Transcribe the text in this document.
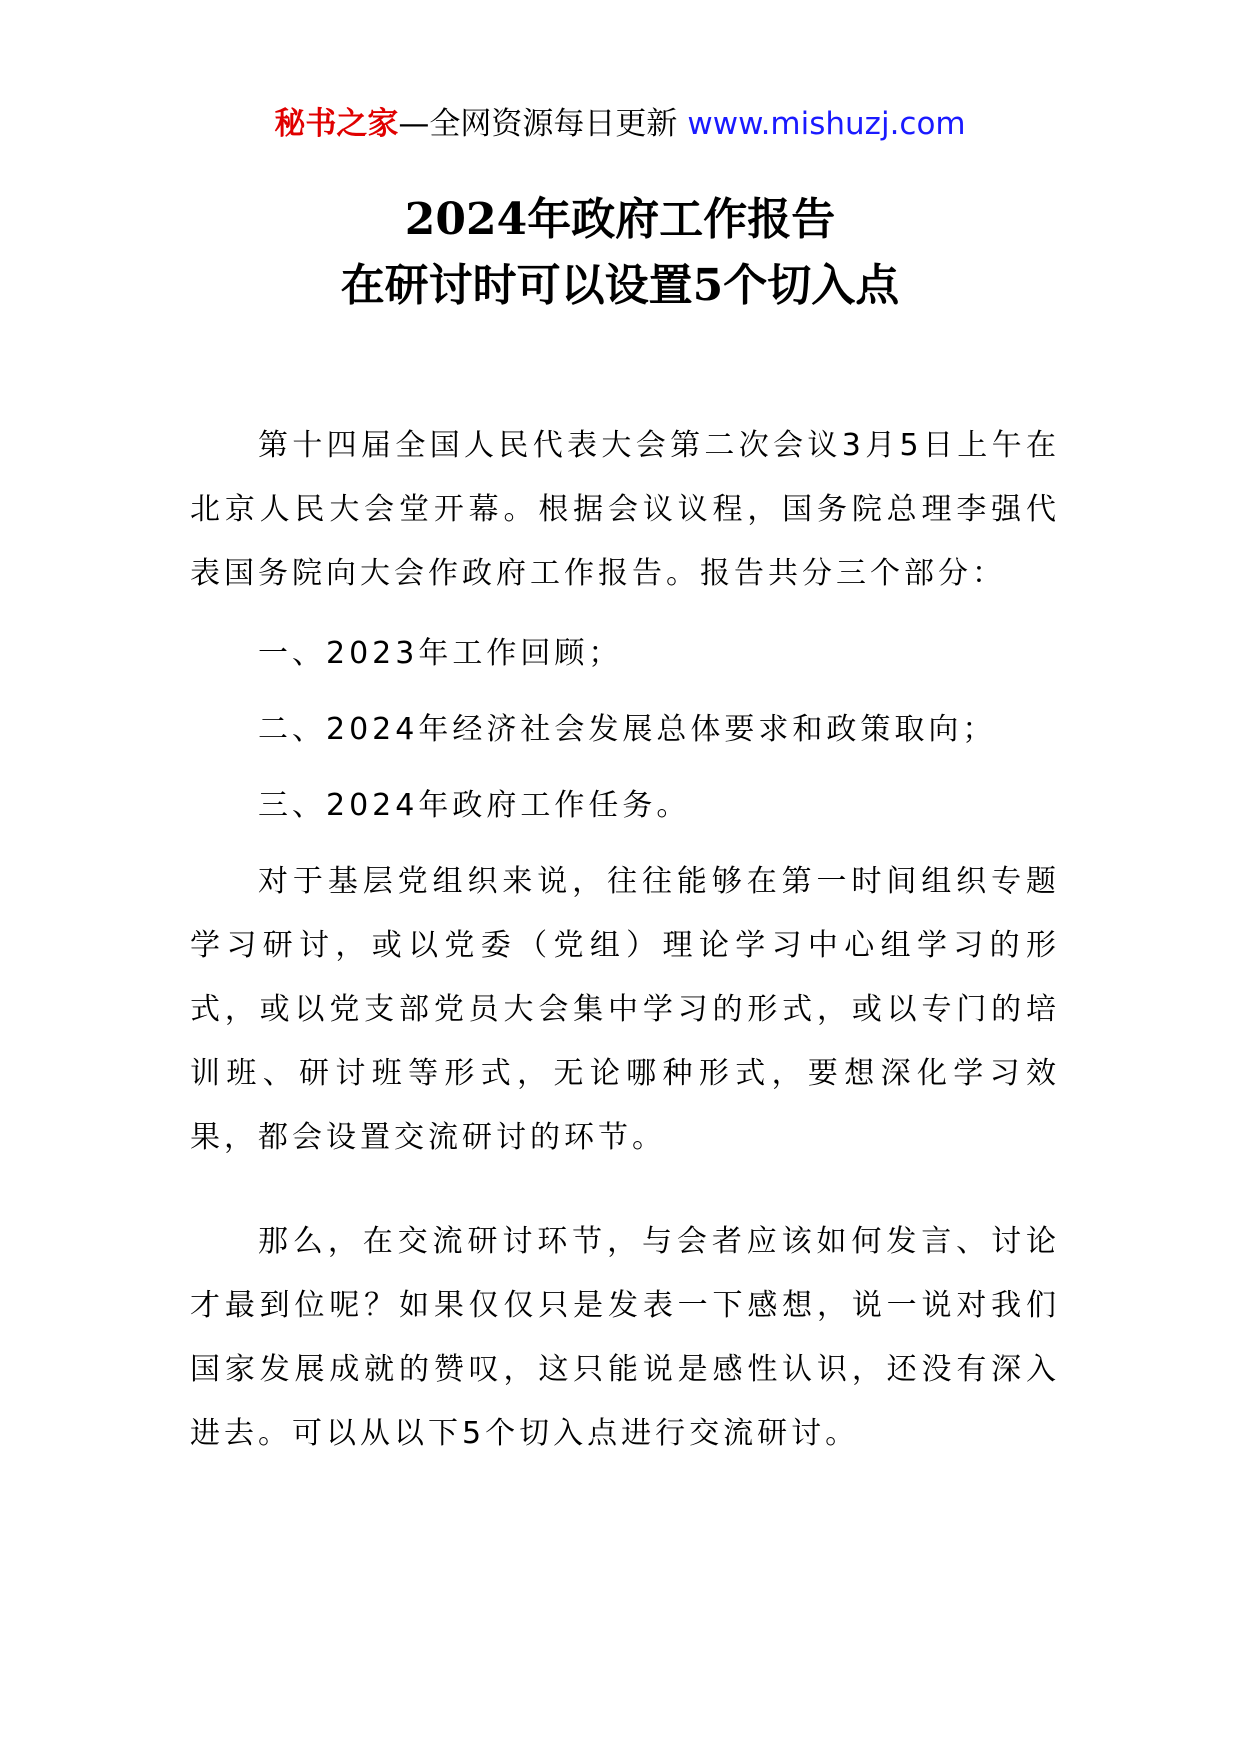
秘书之家—全网资源每日更新 www.mishuzj.com
2024年政府工作报告
在研讨时可以设置5个切入点

第十四届全国人民代表大会第二次会议3月5日上午在北京人民大会堂开幕。根据会议议程，国务院总理李强代表国务院向大会作政府工作报告。报告共分三个部分：

一、2023年工作回顾；

二、2024年经济社会发展总体要求和政策取向；

三、2024年政府工作任务。

对于基层党组织来说，往往能够在第一时间组织专题学习研讨，或以党委（党组）理论学习中心组学习的形式，或以党支部党员大会集中学习的形式，或以专门的培训班、研讨班等形式，无论哪种形式，要想深化学习效果，都会设置交流研讨的环节。

那么，在交流研讨环节，与会者应该如何发言、讨论才最到位呢？如果仅仅只是发表一下感想，说一说对我们国家发展成就的赞叹，这只能说是感性认识，还没有深入进去。可以从以下5个切入点进行交流研讨。
